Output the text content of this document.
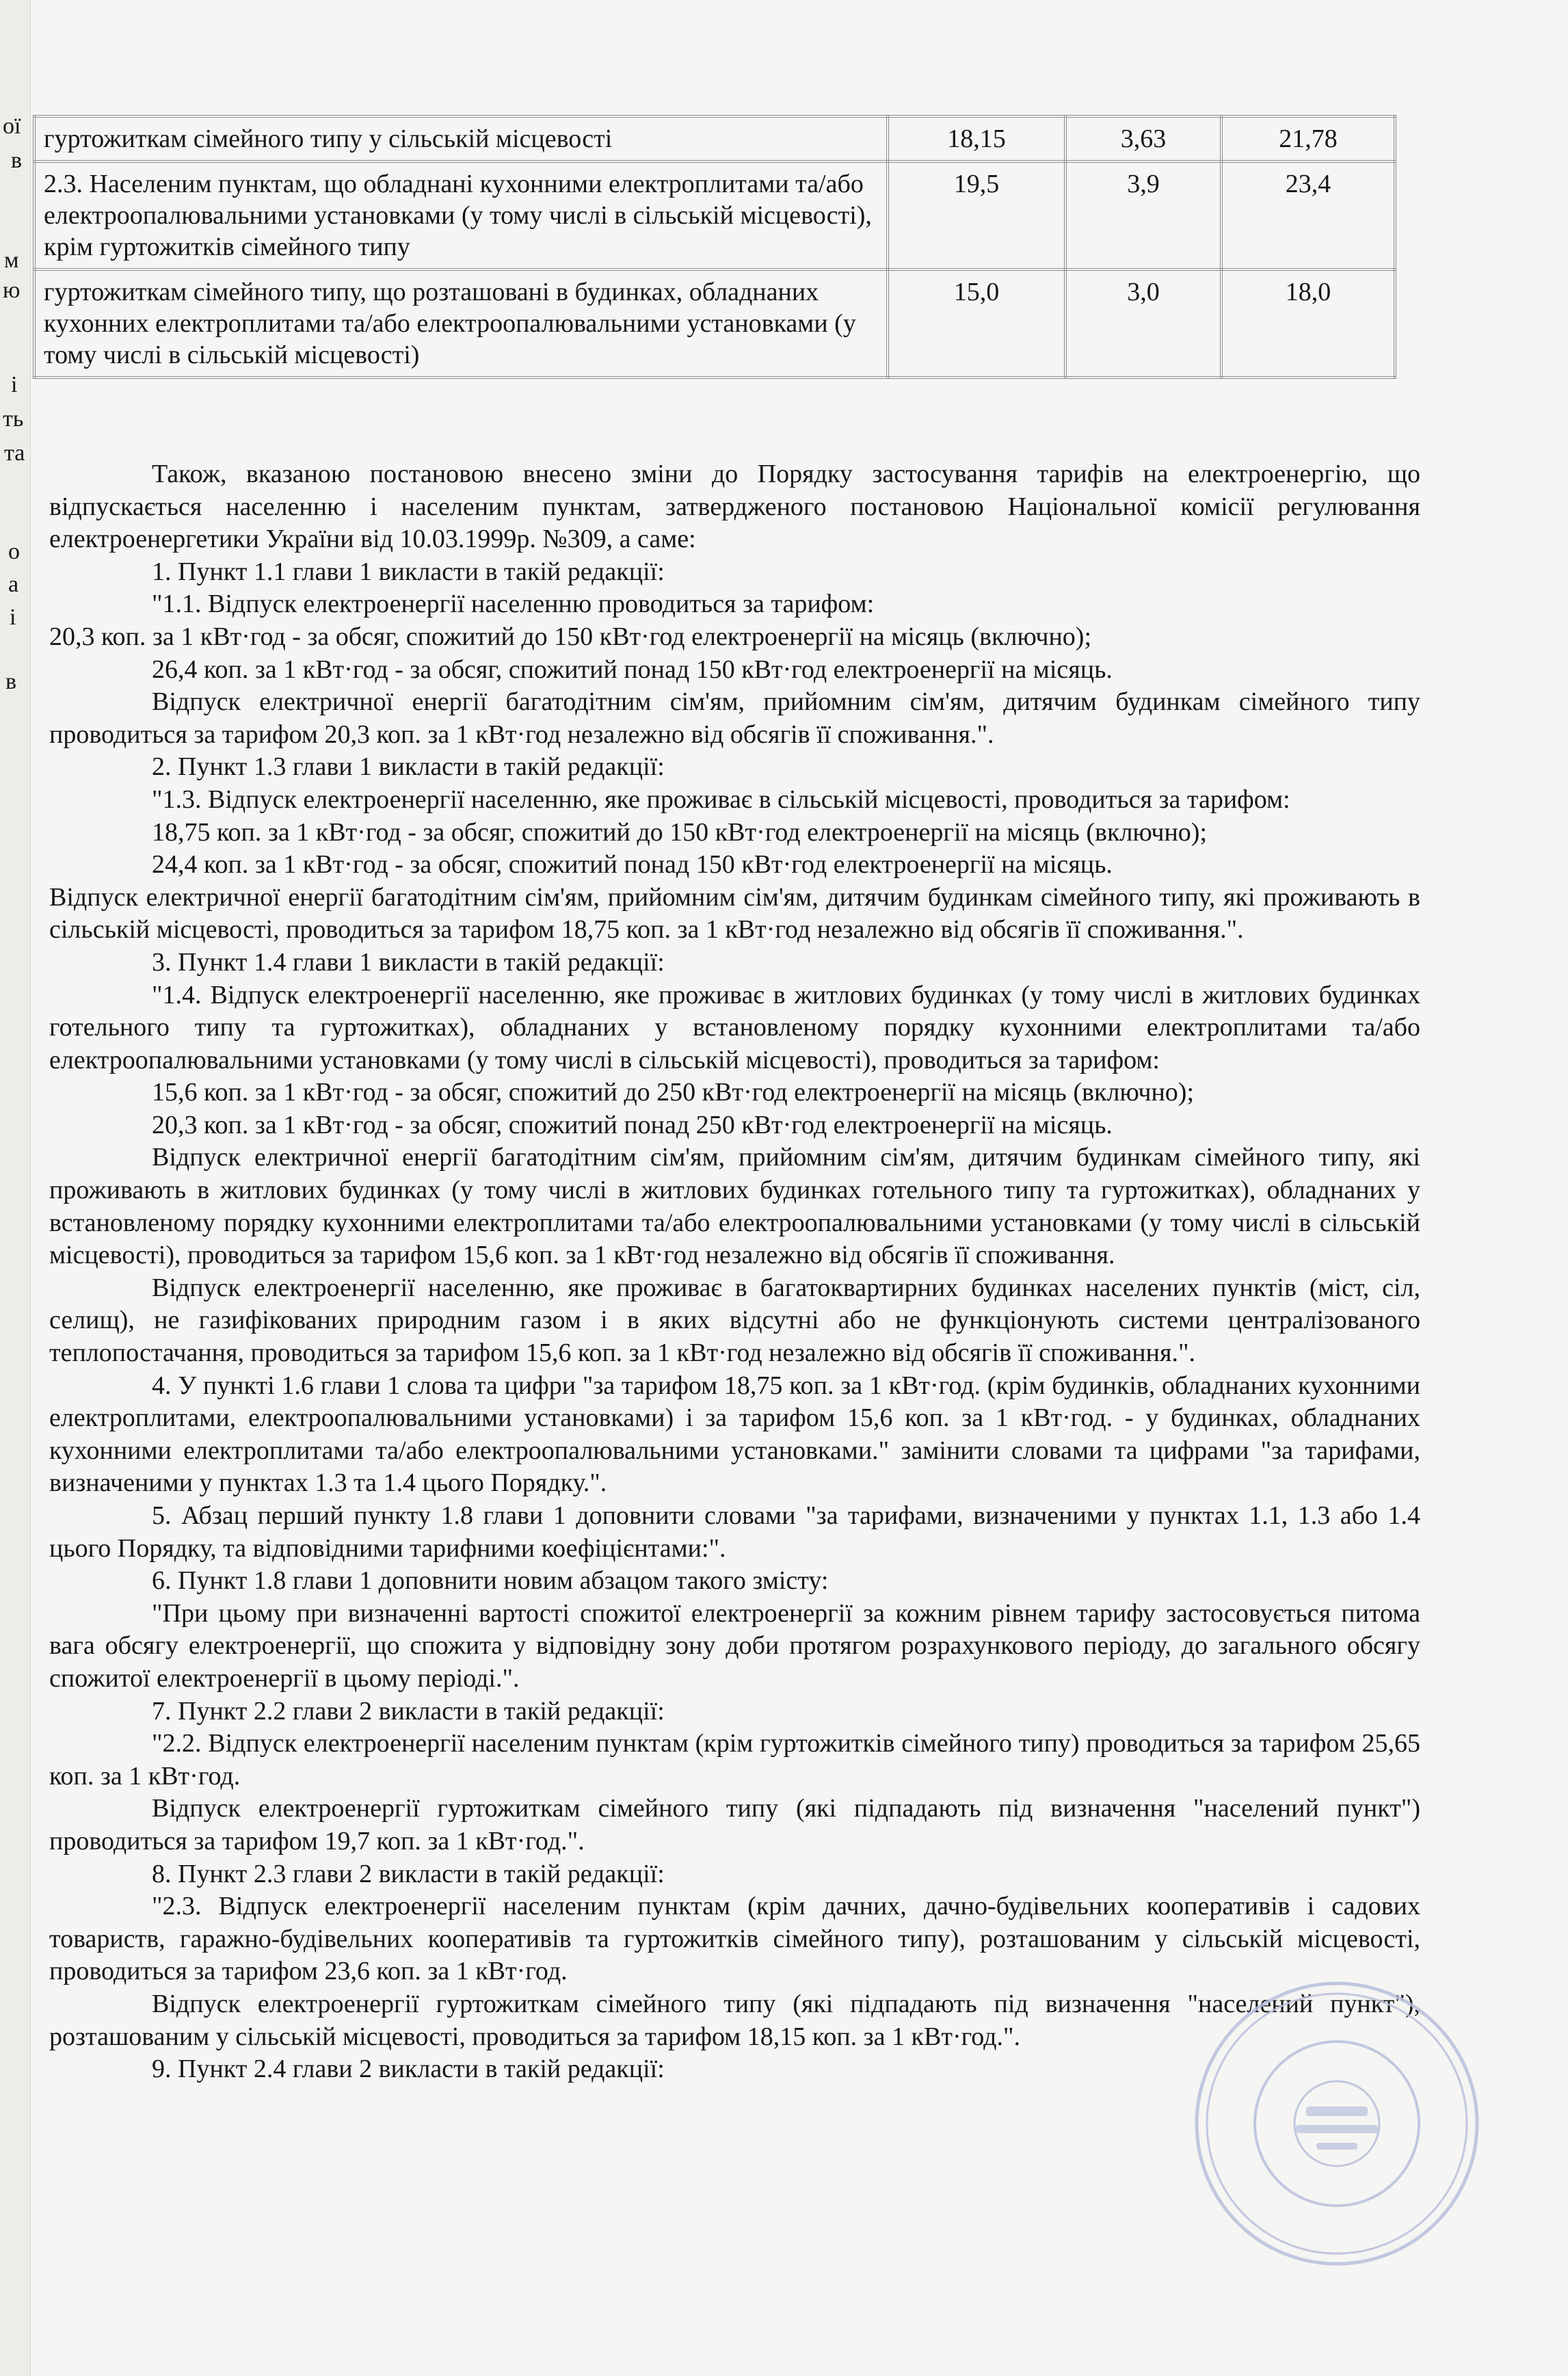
ої
в
м
ю
і
ть
та
о
а
і
в
гуртожиткам сімейного типу у сільській місцевості	18,15	3,63	21,78
2.3. Населеним пунктам, що обладнані кухонними електроплитами та/або електроопалювальними установками (у тому числі в сільській місцевості), крім гуртожитків сімейного типу	19,5	3,9	23,4
гуртожиткам сімейного типу, що розташовані в будинках, обладнаних кухонних електроплитами та/або електроопалювальними установками (у тому числі в сільській місцевості)	15,0	3,0	18,0

Також, вказаною постановою внесено зміни до Порядку застосування тарифів на електроенергію, що відпускається населенню і населеним пунктам, затвердженого постановою Національної комісії регулювання електроенергетики України від 10.03.1999р. №309, а саме:

1. Пункт 1.1 глави 1 викласти в такій редакції:

"1.1. Відпуск електроенергії населенню проводиться за тарифом:

20,3 коп. за 1 кВт·год - за обсяг, спожитий до 150 кВт·год електроенергії на місяць (включно);

26,4 коп. за 1 кВт·год - за обсяг, спожитий понад 150 кВт·год електроенергії на місяць.

Відпуск електричної енергії багатодітним сім'ям, прийомним сім'ям, дитячим будинкам сімейного типу проводиться за тарифом 20,3 коп. за 1 кВт·год незалежно від обсягів її споживання.".

2. Пункт 1.3 глави 1 викласти в такій редакції:

"1.3. Відпуск електроенергії населенню, яке проживає в сільській місцевості, проводиться за тарифом:

18,75 коп. за 1 кВт·год - за обсяг, спожитий до 150 кВт·год електроенергії на місяць (включно);

24,4 коп. за 1 кВт·год - за обсяг, спожитий понад 150 кВт·год електроенергії на місяць.

Відпуск електричної енергії багатодітним сім'ям, прийомним сім'ям, дитячим будинкам сімейного типу, які проживають в сільській місцевості, проводиться за тарифом 18,75 коп. за 1 кВт·год незалежно від обсягів її споживання.".

3. Пункт 1.4 глави 1 викласти в такій редакції:

"1.4. Відпуск електроенергії населенню, яке проживає в житлових будинках (у тому числі в житлових будинках готельного типу та гуртожитках), обладнаних у встановленому порядку кухонними електроплитами та/або електроопалювальними установками (у тому числі в сільській місцевості), проводиться за тарифом:

15,6 коп. за 1 кВт·год - за обсяг, спожитий до 250 кВт·год електроенергії на місяць (включно);

20,3 коп. за 1 кВт·год - за обсяг, спожитий понад 250 кВт·год електроенергії на місяць.

Відпуск електричної енергії багатодітним сім'ям, прийомним сім'ям, дитячим будинкам сімейного типу, які проживають в житлових будинках (у тому числі в житлових будинках готельного типу та гуртожитках), обладнаних у встановленому порядку кухонними електроплитами та/або електроопалювальними установками (у тому числі в сільській місцевості), проводиться за тарифом 15,6 коп. за 1 кВт·год незалежно від обсягів її споживання.

Відпуск електроенергії населенню, яке проживає в багатоквартирних будинках населених пунктів (міст, сіл, селищ), не газифікованих природним газом і в яких відсутні або не функціонують системи централізованого теплопостачання, проводиться за тарифом 15,6 коп. за 1 кВт·год незалежно від обсягів її споживання.".

4. У пункті 1.6 глави 1 слова та цифри "за тарифом 18,75 коп. за 1 кВт·год. (крім будинків, обладнаних кухонними електроплитами, електроопалювальними установками) і за тарифом 15,6 коп. за 1 кВт·год. - у будинках, обладнаних кухонними електроплитами та/або електроопалювальними установками." замінити словами та цифрами "за тарифами, визначеними у пунктах 1.3 та 1.4 цього Порядку.".

5. Абзац перший пункту 1.8 глави 1 доповнити словами "за тарифами, визначеними у пунктах 1.1, 1.3 або 1.4 цього Порядку, та відповідними тарифними коефіцієнтами:".

6. Пункт 1.8 глави 1 доповнити новим абзацом такого змісту:

"При цьому при визначенні вартості спожитої електроенергії за кожним рівнем тарифу застосовується питома вага обсягу електроенергії, що спожита у відповідну зону доби протягом розрахункового періоду, до загального обсягу спожитої електроенергії в цьому періоді.".

7. Пункт 2.2 глави 2 викласти в такій редакції:

"2.2. Відпуск електроенергії населеним пунктам (крім гуртожитків сімейного типу) проводиться за тарифом 25,65 коп. за 1 кВт·год.

Відпуск електроенергії гуртожиткам сімейного типу (які підпадають під визначення "населений пункт") проводиться за тарифом 19,7 коп. за 1 кВт·год.".

8. Пункт 2.3 глави 2 викласти в такій редакції:

"2.3. Відпуск електроенергії населеним пунктам (крім дачних, дачно-будівельних кооперативів і садових товариств, гаражно-будівельних кооперативів та гуртожитків сімейного типу), розташованим у сільській місцевості, проводиться за тарифом 23,6 коп. за 1 кВт·год.

Відпуск електроенергії гуртожиткам сімейного типу (які підпадають під визначення "населений пункт"), розташованим у сільській місцевості, проводиться за тарифом 18,15 коп. за 1 кВт·год.".

9. Пункт 2.4 глави 2 викласти в такій редакції:
